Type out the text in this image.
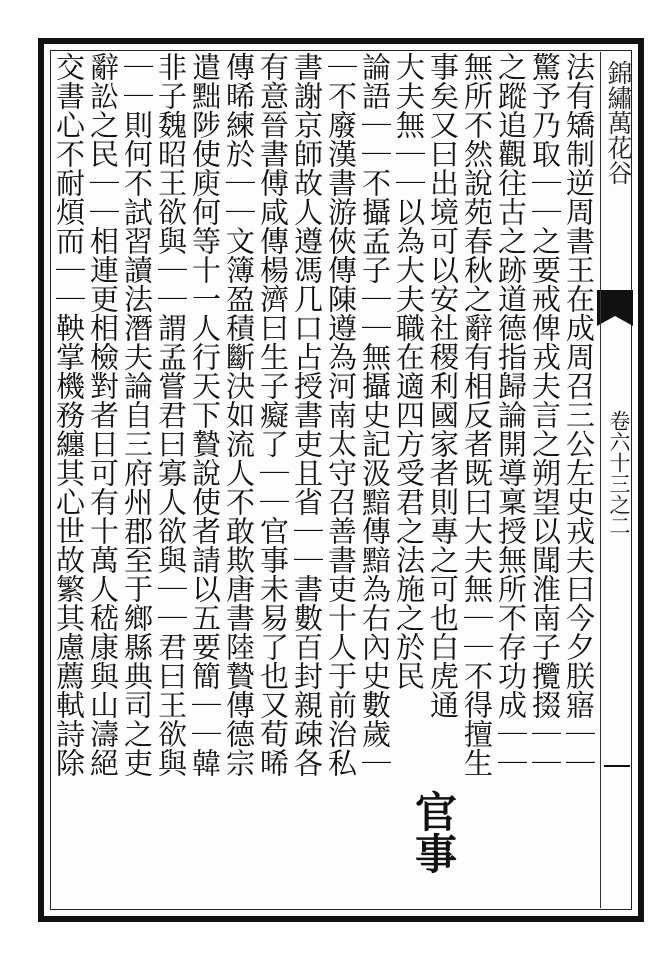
錦繡萬花谷
卷六十三之二
法有矯制逆周書王在成周召三公左史戎夫曰今夕朕寤｜｜
驚予乃取｜｜之要戒俾戎夫言之朔望以聞淮南子攬掇｜｜
之蹤追觀往古之跡道德指歸論開導稟授無所不存功成｜｜
無所不然說苑春秋之辭有相反者既曰大夫無｜｜不得擅生
事矣又曰出境可以安社稷利國家者則專之可也白虎通
大夫無｜｜以為大夫職在適四方受君之法施之於民
官事
論語｜｜不攝孟子｜｜無攝史記汲黯傳黯為右內史數歲｜
｜不廢漢書游俠傳陳遵為河南太守召善書吏十人于前治私
書謝京師故人遵馮几口占授書吏且省｜｜書數百封親疎各
有意晉書傅咸傳楊濟曰生子癡了｜｜官事未易了也又荀晞
傳晞練於｜｜文簿盈積斷決如流人不敢欺唐書陸贄傳德宗
遣黜陟使庾何等十一人行天下贄說使者請以五要簡｜｜韓
非子魏昭王欲與｜｜謂孟嘗君曰寡人欲與｜｜君曰王欲與
｜｜則何不試習讀法潛夫論自三府州郡至于鄉縣典司之吏
辭訟之民｜｜相連更相檢對者日可有十萬人嵇康與山濤絕
交書心不耐煩而｜｜鞅掌機務纏其心世故繁其慮薦軾詩除
